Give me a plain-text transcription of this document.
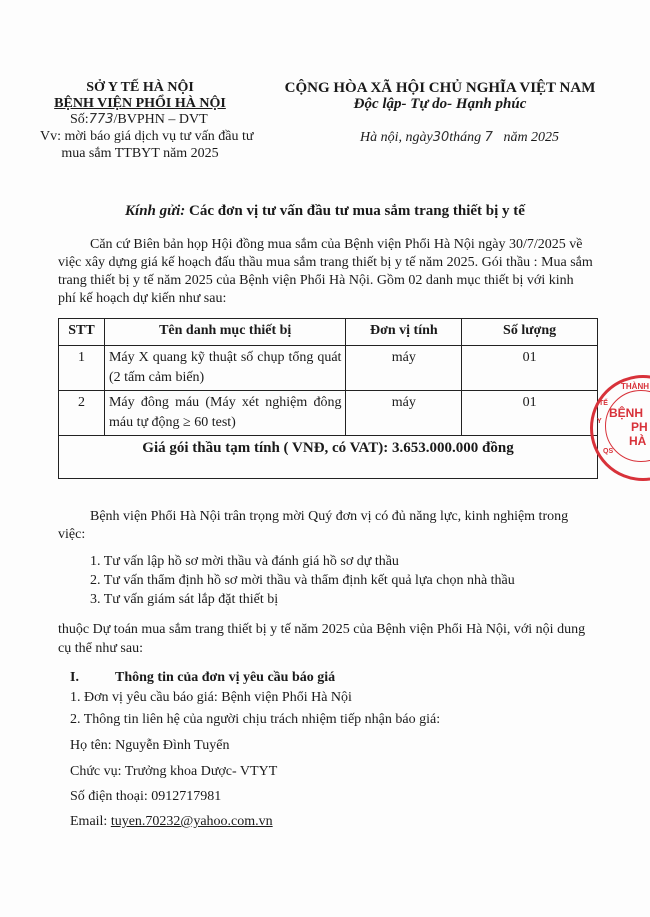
SỞ Y TẾ HÀ NỘI
BỆNH VIỆN PHỔI HÀ NỘI
Số:773/BVPHN – DVT
Vv: mời báo giá dịch vụ tư vấn đầu tư
mua sắm TTBYT năm 2025
CỘNG HÒA XÃ HỘI CHỦ NGHĨA VIỆT NAM
Độc lập- Tự do- Hạnh phúc
Hà nội, ngày30tháng 7 năm 2025
Kính gửi: Các đơn vị tư vấn đầu tư mua sắm trang thiết bị y tế
Căn cứ Biên bản họp Hội đồng mua sắm của Bệnh viện Phổi Hà Nội ngày 30/7/2025 về
việc xây dựng giá kế hoạch đấu thầu mua sắm trang thiết bị y tế năm 2025. Gói thầu : Mua sắm
trang thiết bị y tế năm 2025 của Bệnh viện Phổi Hà Nội. Gồm 02 danh mục thiết bị với kinh
phí kế hoạch dự kiến như sau:
STT	Tên danh mục thiết bị	Đơn vị tính	Số lượng
1	Máy X quang kỹ thuật số chụp tổng quát (2 tấm cảm biến)	máy	01
2	Máy đông máu (Máy xét nghiệm đông máu tự động ≥ 60 test)	máy	01
Giá gói thầu tạm tính ( VNĐ, có VAT): 3.653.000.000 đồng			
THÀNH
BỆNH
PH
HÀ
Y
TẾ
QS
Bệnh viện Phổi Hà Nội trân trọng mời Quý đơn vị có đủ năng lực, kinh nghiệm trong
việc:
1. Tư vấn lập hồ sơ mời thầu và đánh giá hồ sơ dự thầu
2. Tư vấn thẩm định hồ sơ mời thầu và thẩm định kết quả lựa chọn nhà thầu
3. Tư vấn giám sát lắp đặt thiết bị
thuộc Dự toán mua sắm trang thiết bị y tế năm 2025 của Bệnh viện Phổi Hà Nội, với nội dung
cụ thể như sau:
I.	Thông tin của đơn vị yêu cầu báo giá
1. Đơn vị yêu cầu báo giá: Bệnh viện Phổi Hà Nội
2. Thông tin liên hệ của người chịu trách nhiệm tiếp nhận báo giá:
Họ tên: Nguyễn Đình Tuyển
Chức vụ: Trưởng khoa Dược- VTYT
Số điện thoại: 0912717981
Email: tuyen.70232@yahoo.com.vn
